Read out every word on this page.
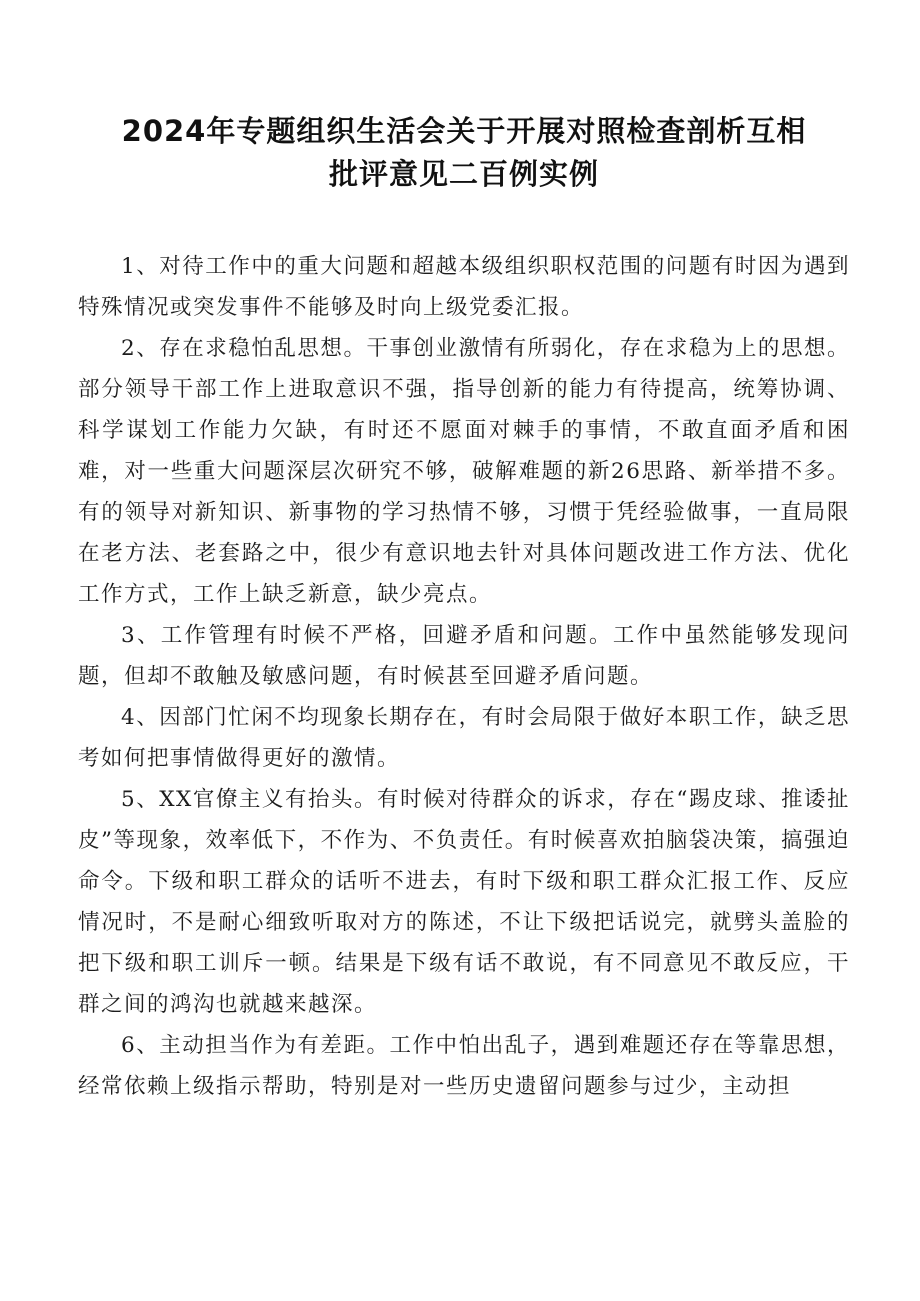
2024年专题组织生活会关于开展对照检查剖析互相
批评意见二百例实例

1、对待工作中的重大问题和超越本级组织职权范围的问题有时因为遇到特殊情况或突发事件不能够及时向上级党委汇报。

2、存在求稳怕乱思想。干事创业激情有所弱化，存在求稳为上的思想。部分领导干部工作上进取意识不强，指导创新的能力有待提高，统筹协调、科学谋划工作能力欠缺，有时还不愿面对棘手的事情，不敢直面矛盾和困难，对一些重大问题深层次研究不够，破解难题的新26思路、新举措不多。有的领导对新知识、新事物的学习热情不够，习惯于凭经验做事，一直局限在老方法、老套路之中，很少有意识地去针对具体问题改进工作方法、优化工作方式，工作上缺乏新意，缺少亮点。

3、工作管理有时候不严格，回避矛盾和问题。工作中虽然能够发现问题，但却不敢触及敏感问题，有时候甚至回避矛盾问题。

4、因部门忙闲不均现象长期存在，有时会局限于做好本职工作，缺乏思考如何把事情做得更好的激情。

5、XX官僚主义有抬头。有时候对待群众的诉求，存在“踢皮球、推诿扯皮”等现象，效率低下，不作为、不负责任。有时候喜欢拍脑袋决策，搞强迫命令。下级和职工群众的话听不进去，有时下级和职工群众汇报工作、反应情况时，不是耐心细致听取对方的陈述，不让下级把话说完，就劈头盖脸的把下级和职工训斥一顿。结果是下级有话不敢说，有不同意见不敢反应，干群之间的鸿沟也就越来越深。

6、主动担当作为有差距。工作中怕出乱子，遇到难题还存在等靠思想，经常依赖上级指示帮助，特别是对一些历史遗留问题参与过少，主动担
